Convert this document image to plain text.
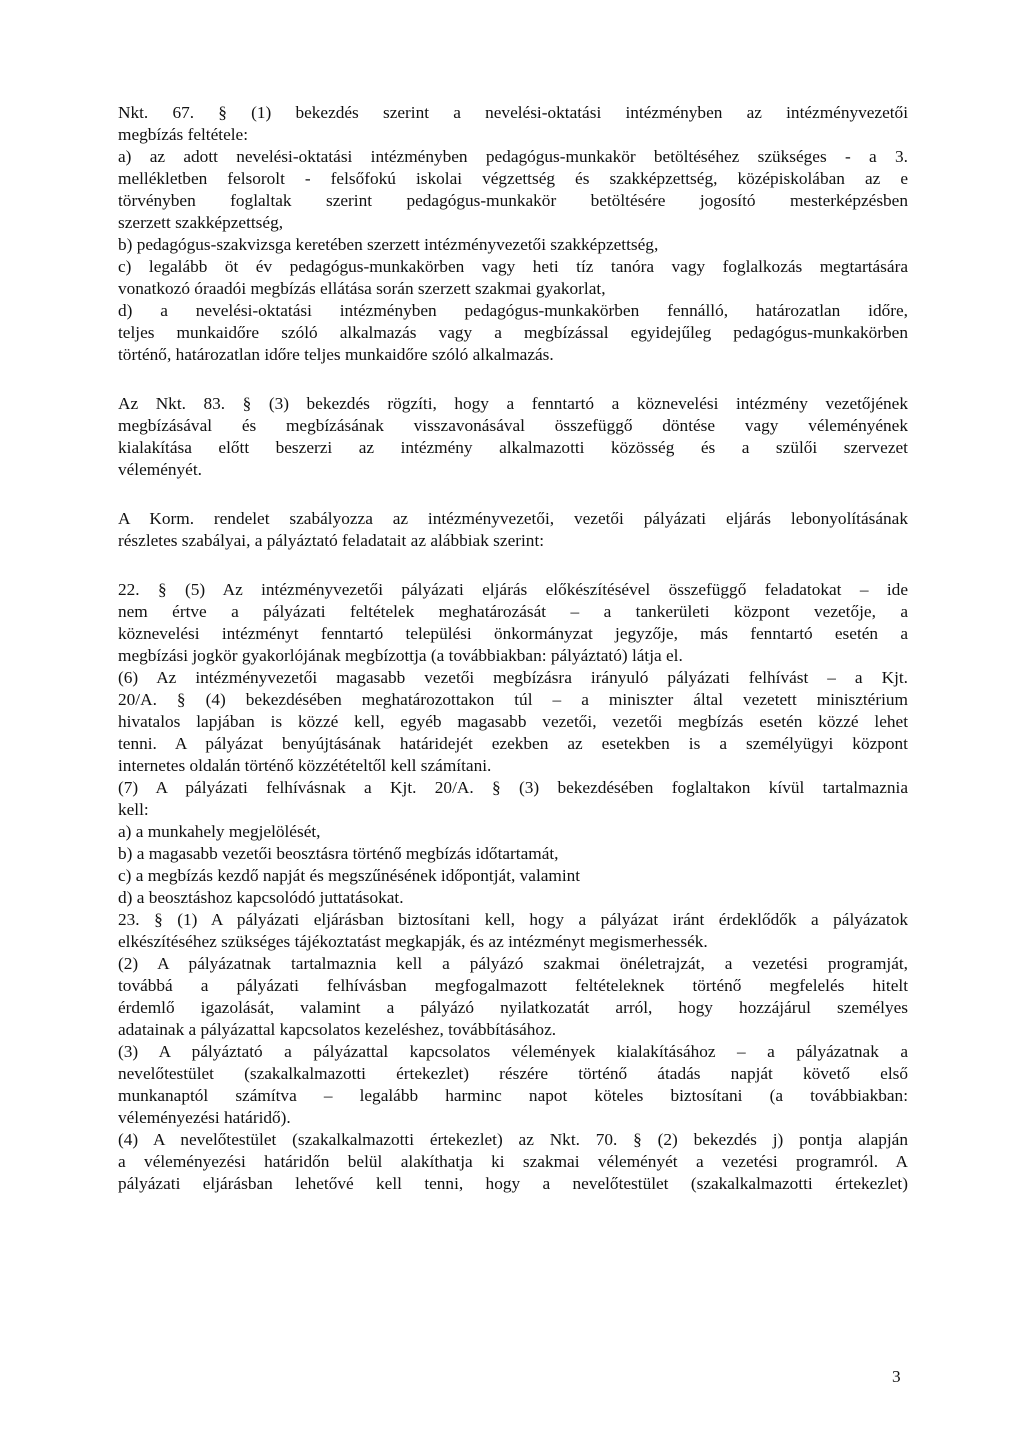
Nkt. 67. § (1) bekezdés szerint a nevelési-oktatási intézményben az intézményvezetői
megbízás feltétele:
a) az adott nevelési-oktatási intézményben pedagógus-munkakör betöltéséhez szükséges - a 3.
mellékletben felsorolt - felsőfokú iskolai végzettség és szakképzettség, középiskolában az e
törvényben foglaltak szerint pedagógus-munkakör betöltésére jogosító mesterképzésben
szerzett szakképzettség,
b) pedagógus-szakvizsga keretében szerzett intézményvezetői szakképzettség,
c) legalább öt év pedagógus-munkakörben vagy heti tíz tanóra vagy foglalkozás megtartására
vonatkozó óraadói megbízás ellátása során szerzett szakmai gyakorlat,
d) a nevelési-oktatási intézményben pedagógus-munkakörben fennálló, határozatlan időre,
teljes munkaidőre szóló alkalmazás vagy a megbízással egyidejűleg pedagógus-munkakörben
történő, határozatlan időre teljes munkaidőre szóló alkalmazás.
Az Nkt. 83. § (3) bekezdés rögzíti, hogy a fenntartó a köznevelési intézmény vezetőjének
megbízásával és megbízásának visszavonásával összefüggő döntése vagy véleményének
kialakítása előtt beszerzi az intézmény alkalmazotti közösség és a szülői szervezet
véleményét.
A Korm. rendelet szabályozza az intézményvezetői, vezetői pályázati eljárás lebonyolításának
részletes szabályai, a pályáztató feladatait az alábbiak szerint:
22. § (5) Az intézményvezetői pályázati eljárás előkészítésével összefüggő feladatokat – ide
nem értve a pályázati feltételek meghatározását – a tankerületi központ vezetője, a
köznevelési intézményt fenntartó települési önkormányzat jegyzője, más fenntartó esetén a
megbízási jogkör gyakorlójának megbízottja (a továbbiakban: pályáztató) látja el.
(6) Az intézményvezetői magasabb vezetői megbízásra irányuló pályázati felhívást – a Kjt.
20/A. § (4) bekezdésében meghatározottakon túl – a miniszter által vezetett minisztérium
hivatalos lapjában is közzé kell, egyéb magasabb vezetői, vezetői megbízás esetén közzé lehet
tenni. A pályázat benyújtásának határidejét ezekben az esetekben is a személyügyi központ
internetes oldalán történő közzétételtől kell számítani.
(7) A pályázati felhívásnak a Kjt. 20/A. § (3) bekezdésében foglaltakon kívül tartalmaznia
kell:
a) a munkahely megjelölését,
b) a magasabb vezetői beosztásra történő megbízás időtartamát,
c) a megbízás kezdő napját és megszűnésének időpontját, valamint
d) a beosztáshoz kapcsolódó juttatásokat.
23. § (1) A pályázati eljárásban biztosítani kell, hogy a pályázat iránt érdeklődők a pályázatok
elkészítéséhez szükséges tájékoztatást megkapják, és az intézményt megismerhessék.
(2) A pályázatnak tartalmaznia kell a pályázó szakmai önéletrajzát, a vezetési programját,
továbbá a pályázati felhívásban megfogalmazott feltételeknek történő megfelelés hitelt
érdemlő igazolását, valamint a pályázó nyilatkozatát arról, hogy hozzájárul személyes
adatainak a pályázattal kapcsolatos kezeléshez, továbbításához.
(3) A pályáztató a pályázattal kapcsolatos vélemények kialakításához – a pályázatnak a
nevelőtestület (szakalkalmazotti értekezlet) részére történő átadás napját követő első
munkanaptól számítva – legalább harminc napot köteles biztosítani (a továbbiakban:
véleményezési határidő).
(4) A nevelőtestület (szakalkalmazotti értekezlet) az Nkt. 70. § (2) bekezdés j) pontja alapján
a véleményezési határidőn belül alakíthatja ki szakmai véleményét a vezetési programról. A
pályázati eljárásban lehetővé kell tenni, hogy a nevelőtestület (szakalkalmazotti értekezlet)
3
